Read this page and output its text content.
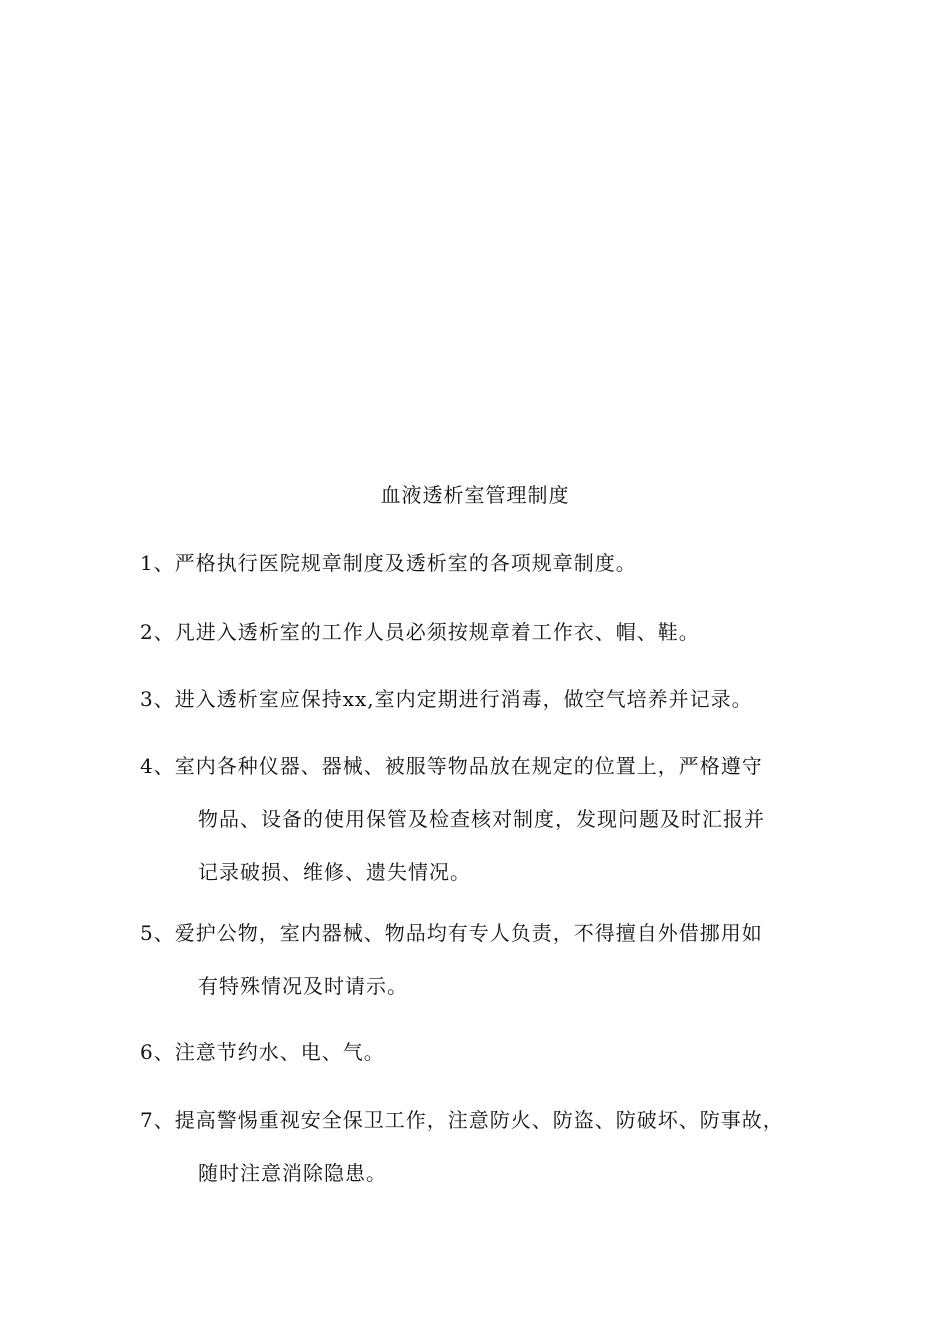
血液透析室管理制度
1、严格执行医院规章制度及透析室的各项规章制度。
2、凡进入透析室的工作人员必须按规章着工作衣、帽、鞋。
3、进入透析室应保持xx,室内定期进行消毒，做空气培养并记录。
4、室内各种仪器、器械、被服等物品放在规定的位置上，严格遵守
物品、设备的使用保管及检查核对制度，发现问题及时汇报并
记录破损、维修、遗失情况。
5、爱护公物，室内器械、物品均有专人负责，不得擅自外借挪用如
有特殊情况及时请示。
6、注意节约水、电、气。
7、提高警惕重视安全保卫工作，注意防火、防盗、防破坏、防事故，
随时注意消除隐患。
